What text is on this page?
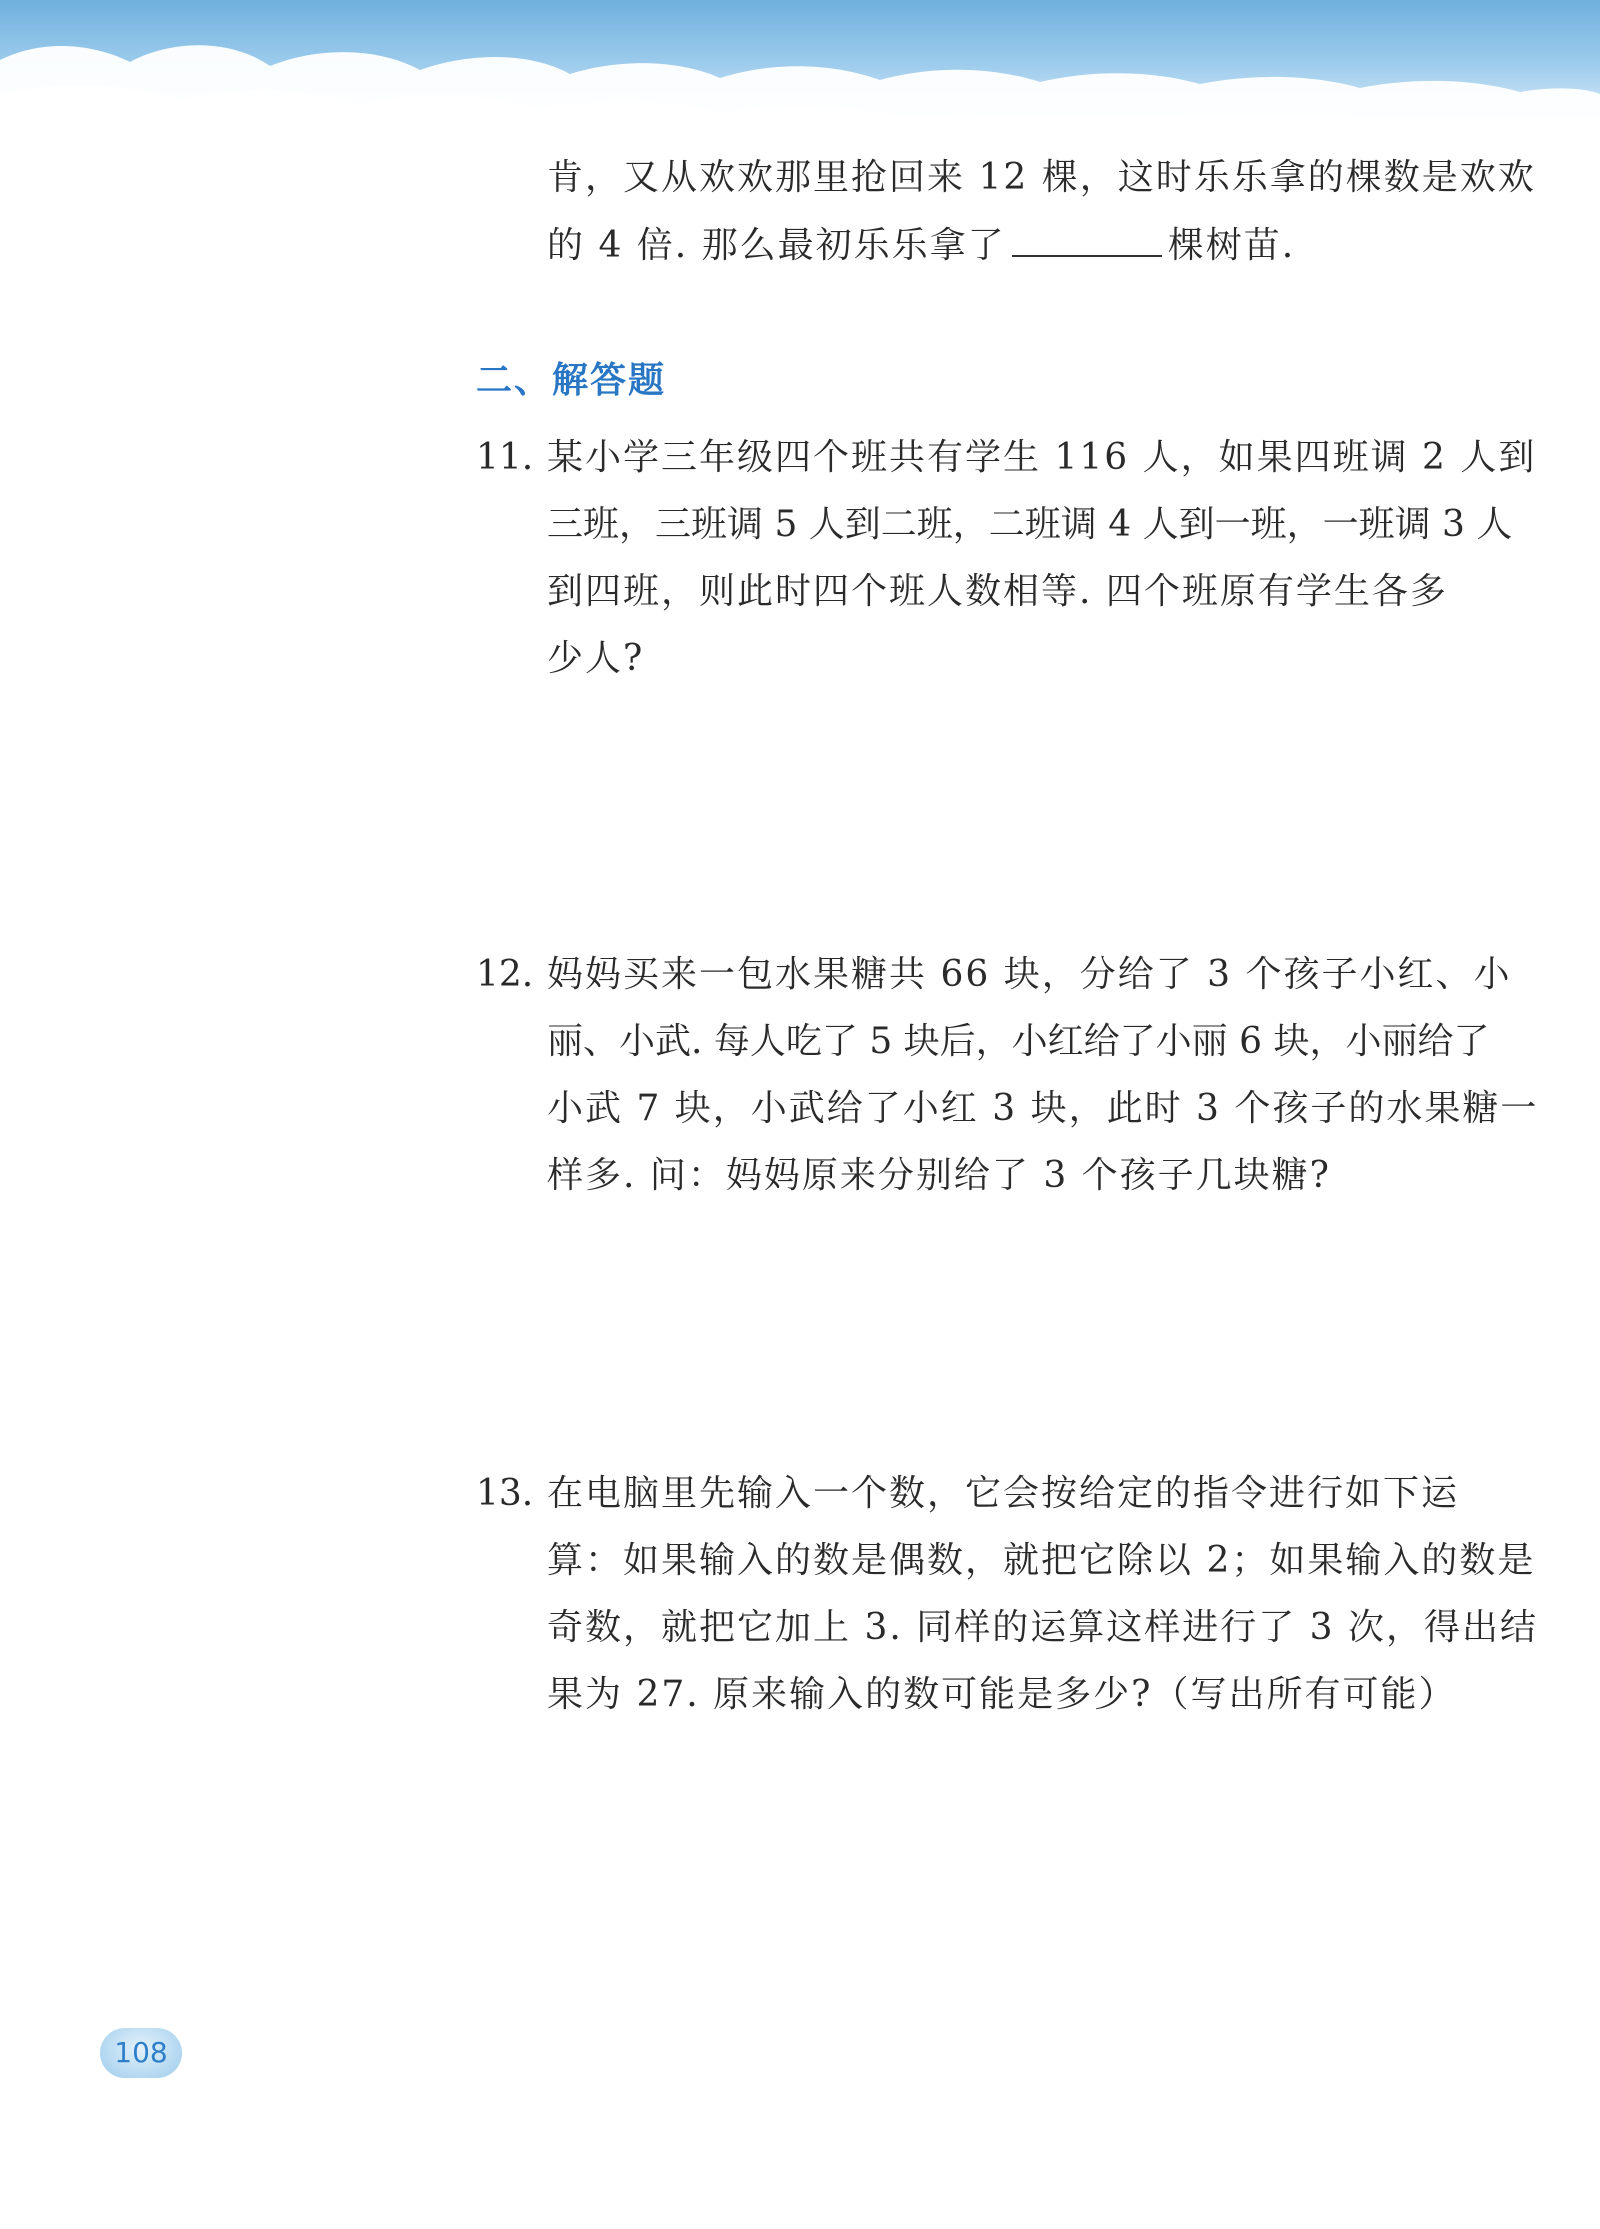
肯，又从欢欢那里抢回来 12 棵，这时乐乐拿的棵数是欢欢
的 4 倍. 那么最初乐乐拿了	棵树苗.
二、解答题
11. 某小学三年级四个班共有学生 116 人，如果四班调 2 人到
三班，三班调 5 人到二班，二班调 4 人到一班，一班调 3 人
到四班，则此时四个班人数相等. 四个班原有学生各多
少人?
12. 妈妈买来一包水果糖共 66 块，分给了 3 个孩子小红、小
丽、小武. 每人吃了 5 块后，小红给了小丽 6 块，小丽给了
小武 7 块，小武给了小红 3 块，此时 3 个孩子的水果糖一
样多. 问：妈妈原来分别给了 3 个孩子几块糖?
13. 在电脑里先输入一个数，它会按给定的指令进行如下运
算：如果输入的数是偶数，就把它除以 2；如果输入的数是
奇数，就把它加上 3. 同样的运算这样进行了 3 次，得出结
果为 27. 原来输入的数可能是多少?（写出所有可能）
108
